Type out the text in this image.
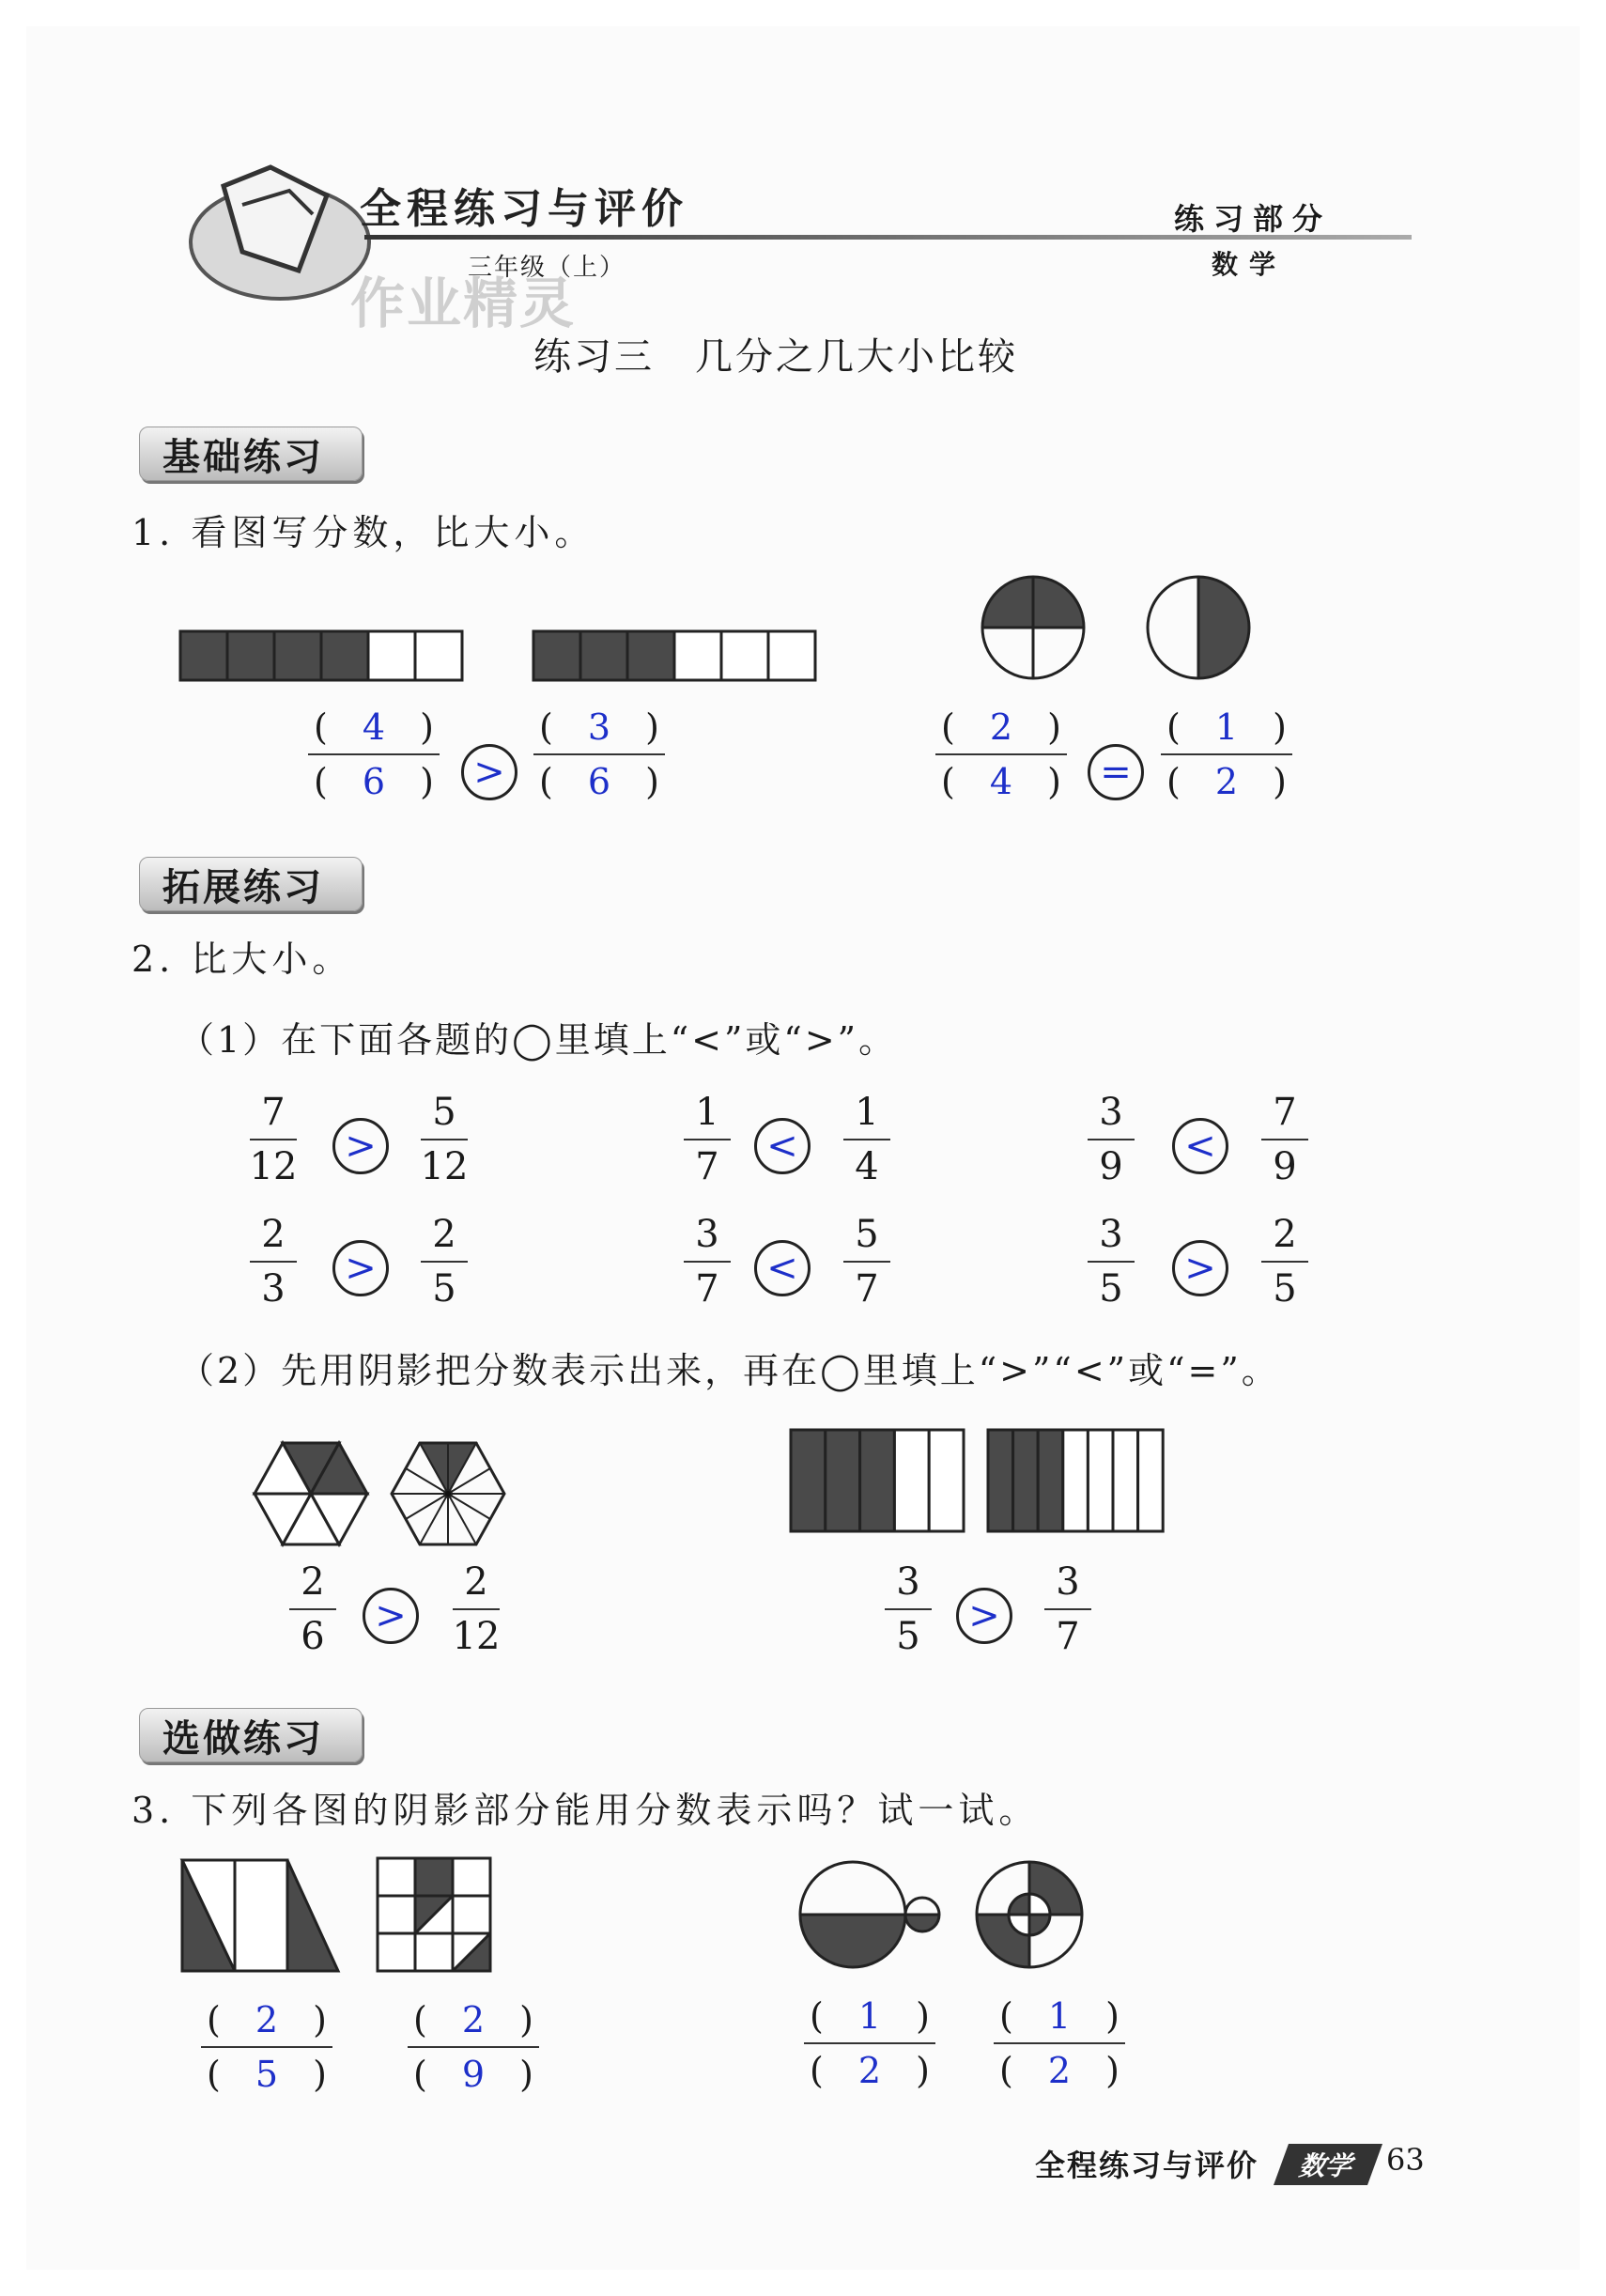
全程练习与评价
三年级（上）
作业精灵
练习部分
数学
练习三　几分之几大小比较
基础练习
1. 看图写分数，比大小。
( 4 )
( 6 )	>
( 3 )
( 6 )
( 2 )
( 4 )	=
( 1 )
( 2 )
拓展练习
2. 比大小。
（1）在下面各题的◯里填上“<”或“>”。
7
12	>
5
12
1
7	<
1
4
3
9	<
7
9
2
3	>
2
5
3
7	<
5
7
3
5	>
2
5
（2）先用阴影把分数表示出来，再在◯里填上“>”“<”或“=”。
2
6	>
2
12
3
5	>
3
7
选做练习
3. 下列各图的阴影部分能用分数表示吗？试一试。
( 2 )
( 5 )
( 2 )
( 9 )
( 1 )
( 2 )
( 1 )
( 2 )
全程练习与评价	数学 63
